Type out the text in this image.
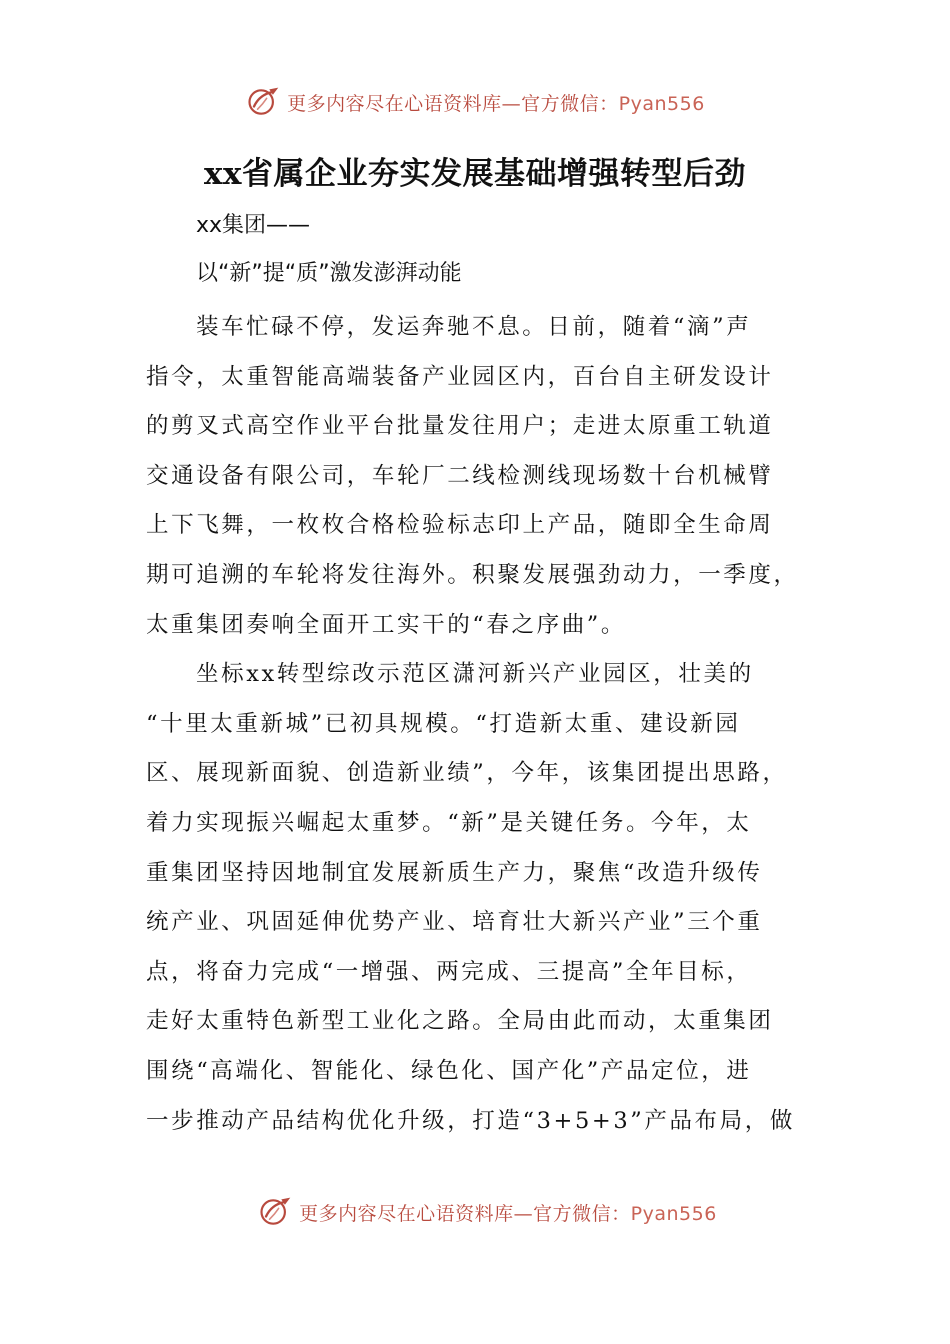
更多内容尽在心语资料库—官方微信：Pyan556
xx省属企业夯实发展基础增强转型后劲
xx集团——
以“新”提“质”激发澎湃动能
装车忙碌不停，发运奔驰不息。日前，随着“滴”声
指令，太重智能高端装备产业园区内，百台自主研发设计
的剪叉式高空作业平台批量发往用户；走进太原重工轨道
交通设备有限公司，车轮厂二线检测线现场数十台机械臂
上下飞舞，一枚枚合格检验标志印上产品，随即全生命周
期可追溯的车轮将发往海外。积聚发展强劲动力，一季度，
太重集团奏响全面开工实干的“春之序曲”。
坐标xx转型综改示范区潇河新兴产业园区，壮美的
“十里太重新城”已初具规模。“打造新太重、建设新园
区、展现新面貌、创造新业绩”，今年，该集团提出思路，
着力实现振兴崛起太重梦。“新”是关键任务。今年，太
重集团坚持因地制宜发展新质生产力，聚焦“改造升级传
统产业、巩固延伸优势产业、培育壮大新兴产业”三个重
点，将奋力完成“一增强、两完成、三提高”全年目标，
走好太重特色新型工业化之路。全局由此而动，太重集团
围绕“高端化、智能化、绿色化、国产化”产品定位，进
一步推动产品结构优化升级，打造“3+5+3”产品布局，做
更多内容尽在心语资料库—官方微信：Pyan556
